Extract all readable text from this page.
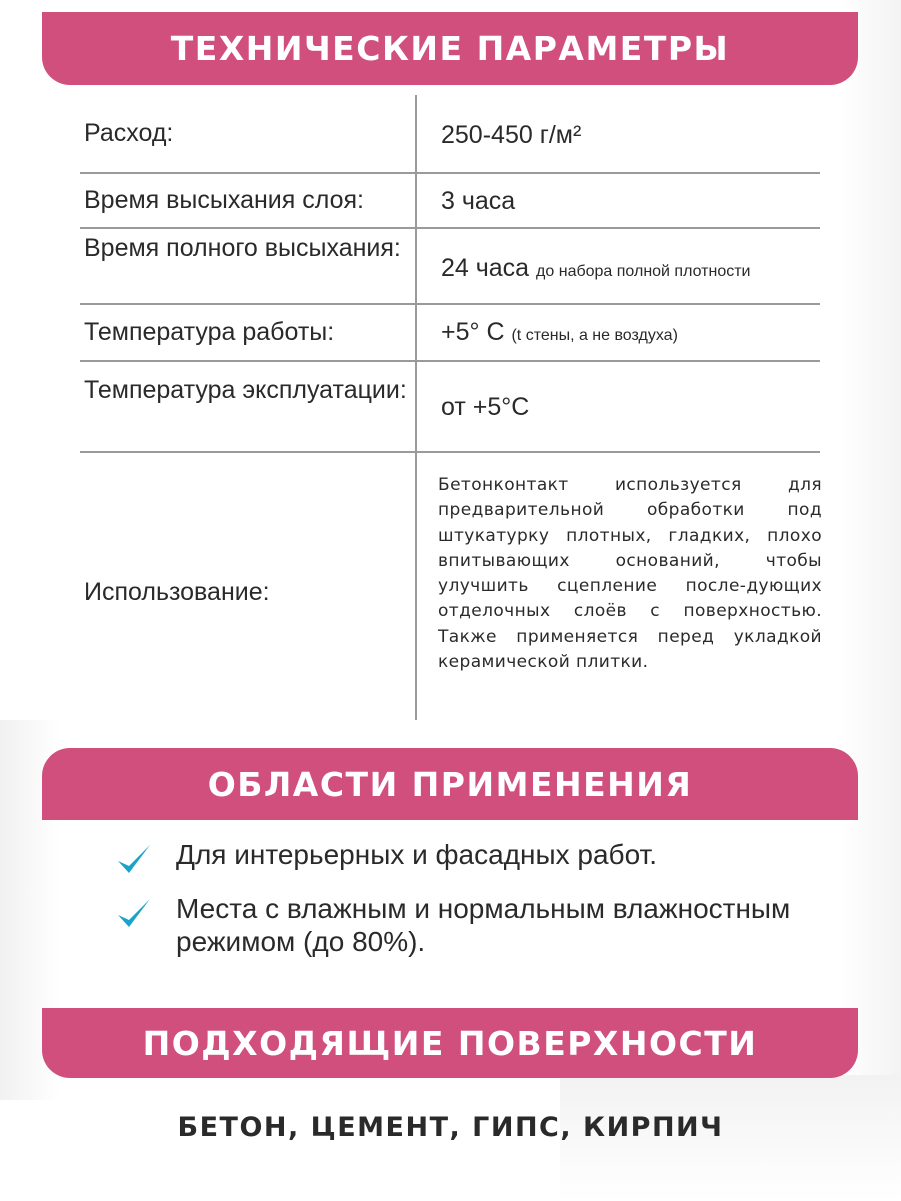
ТЕХНИЧЕСКИЕ ПАРАМЕТРЫ
Расход:	250-450 г/м²
Время высыхания слоя:	3 часа
Время полного высыхания:
24 часа до набора полной плотности
Температура работы:	+5° С (t стены, а не воздуха)
Температура эксплуатации:
от +5°С
Использование:
Бетонконтакт используется для предварительной обработки под штукатурку плотных, гладких, плохо впитывающих оснований, чтобы улучшить сцепление после-дующих отделочных слоёв с поверхностью. Также применяется перед укладкой керамической плитки.
ОБЛАСТИ ПРИМЕНЕНИЯ
Для интерьерных и фасадных работ.
Места с влажным и нормальным влажностным режимом (до 80%).
ПОДХОДЯЩИЕ ПОВЕРХНОСТИ
БЕТОН, ЦЕМЕНТ, ГИПС, КИРПИЧ
